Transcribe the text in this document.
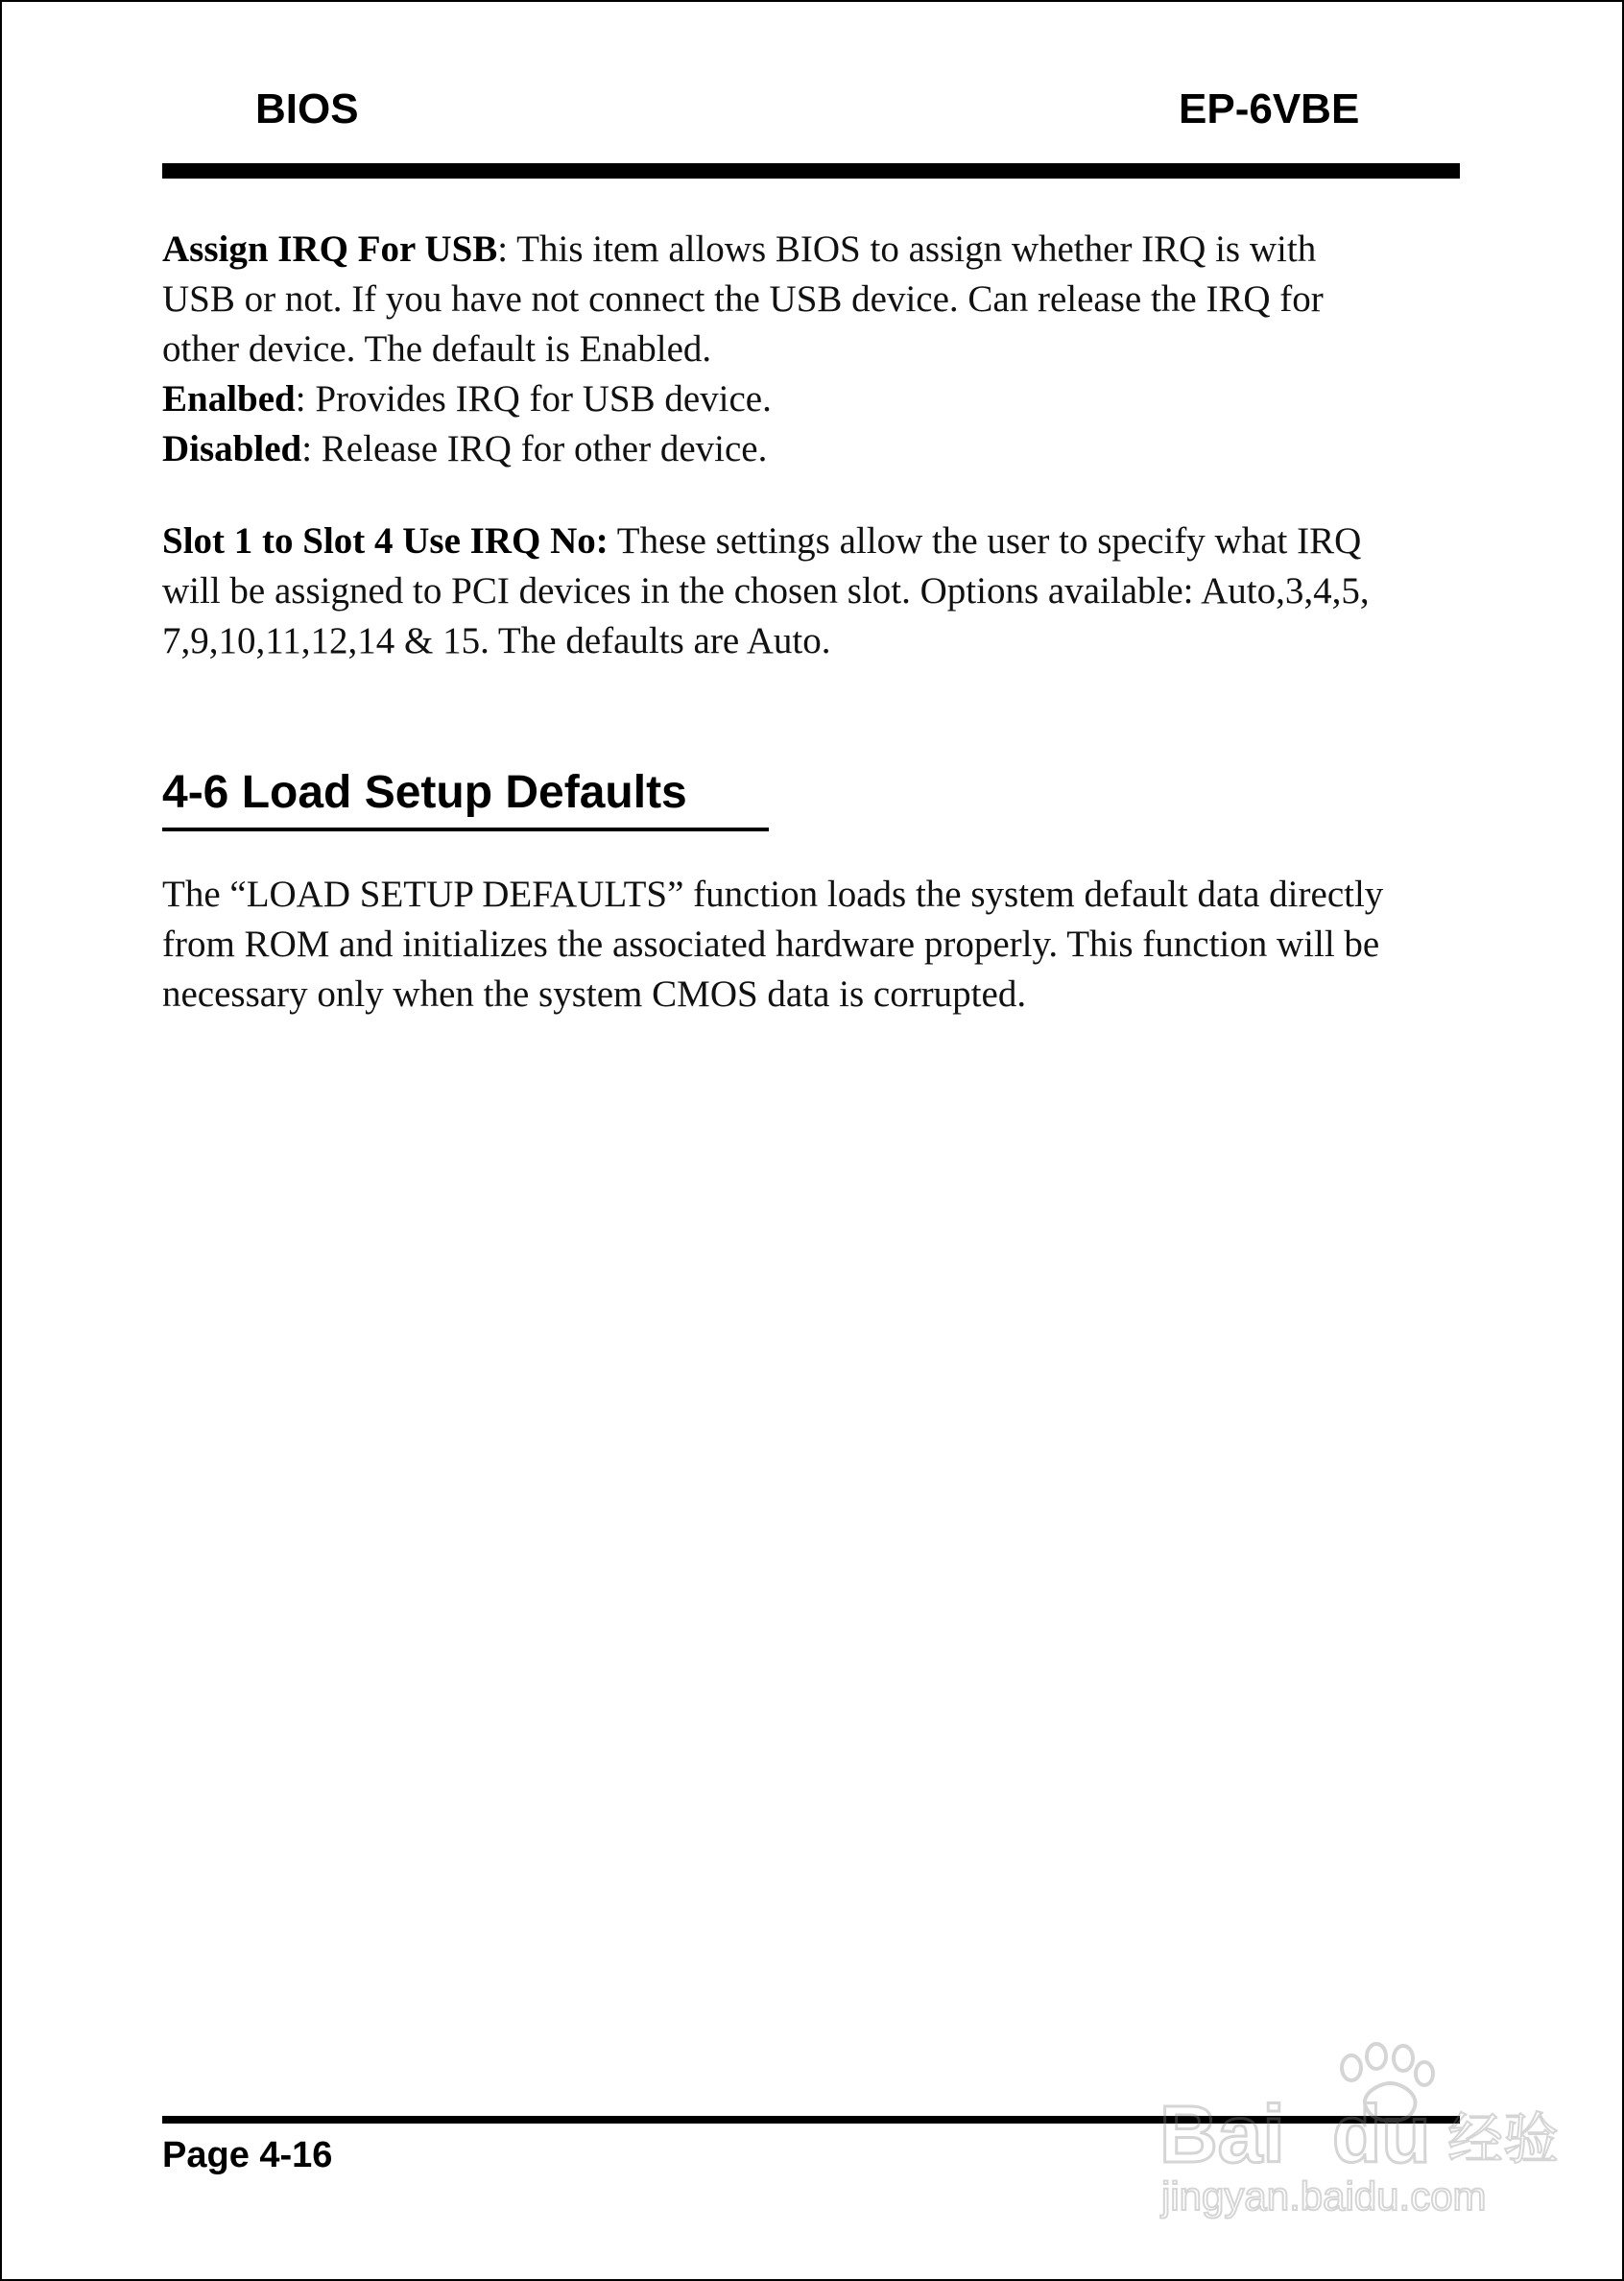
BIOS	EP-6VBE

Assign IRQ For USB: This item allows BIOS to assign whether IRQ is with

USB or not. If you have not connect the USB device. Can release the IRQ for

other device. The default is Enabled.

Enalbed: Provides IRQ for USB device.

Disabled: Release IRQ for other device.

Slot 1 to Slot 4 Use IRQ No: These settings allow the user to specify what IRQ

will be assigned to PCI devices in the chosen slot. Options available: Auto,3,4,5,

7,9,10,11,12,14 & 15. The defaults are Auto.

4-6 Load Setup Defaults

The “LOAD SETUP DEFAULTS” function loads the system default data directly

from ROM and initializes the associated hardware properly. This function will be

necessary only when the system CMOS data is corrupted.

Page 4-16	Bai du 经验
jingyan.baidu.com
